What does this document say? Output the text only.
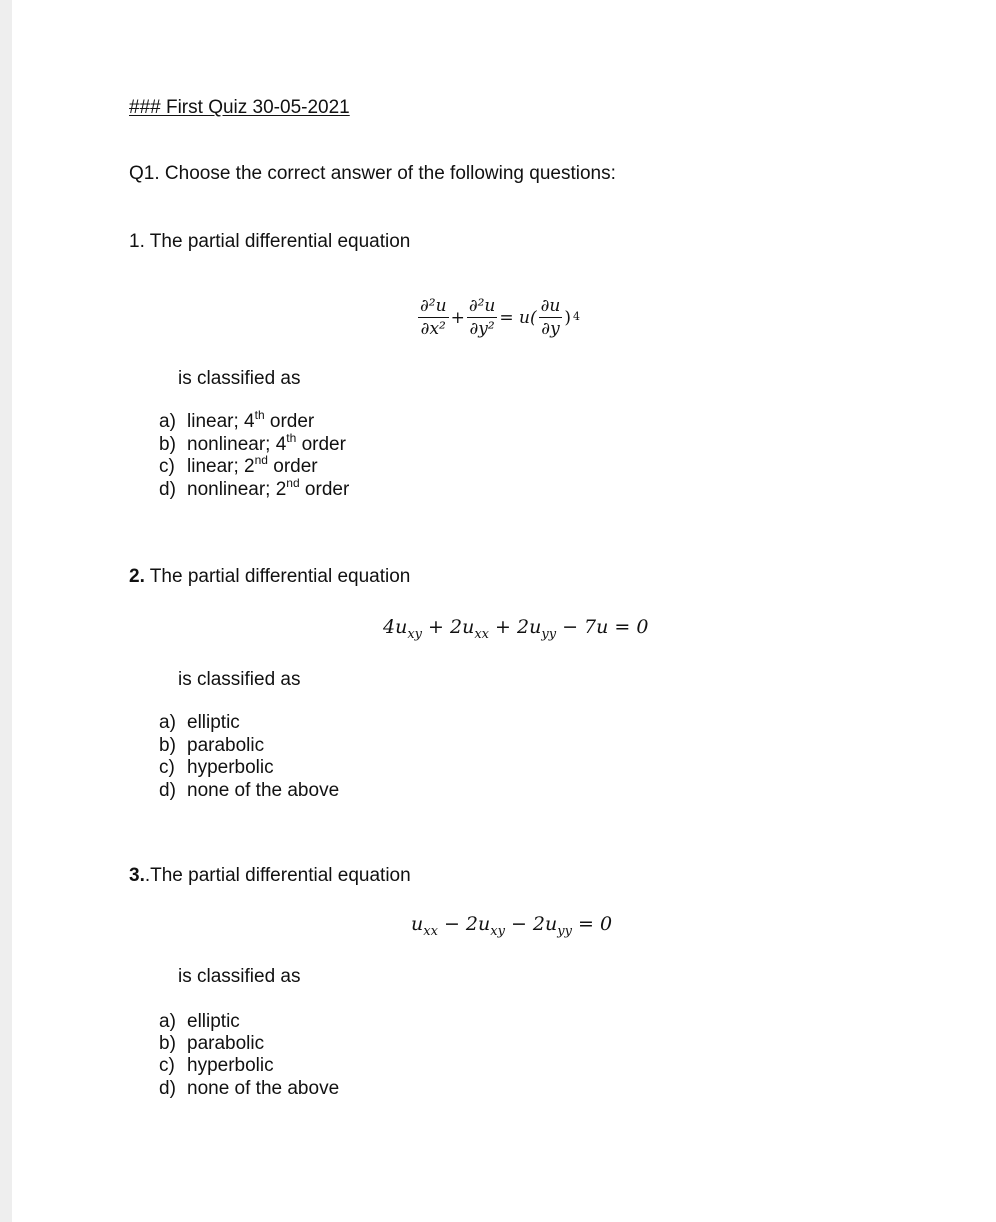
### First Quiz 30-05-2021
Q1. Choose the correct answer of the following questions:
1. The partial differential equation
$\frac{\text{∂²u}}{\text{∂x²}} + \frac{\text{∂²u}}{\text{∂y²}} = u( \frac{\partial u}{\partial y}$ ) 4
is classified as
a) linear; 4th order
b) nonlinear; 4th order
c) linear; 2nd order
d) nonlinear; 2nd order
2. The partial differential equation
$4u_{xy} + 2u_{xx} + 2u_{yy} - 7u = 0$
is classified as
a) elliptic
b) parabolic
c) hyperbolic
d) none of the above
3..The partial differential equation
$u_{xx} - 2u_{xy} - 2u_{yy} = 0$
is classified as
a) elliptic
b) parabolic
c) hyperbolic
d) none of the above
